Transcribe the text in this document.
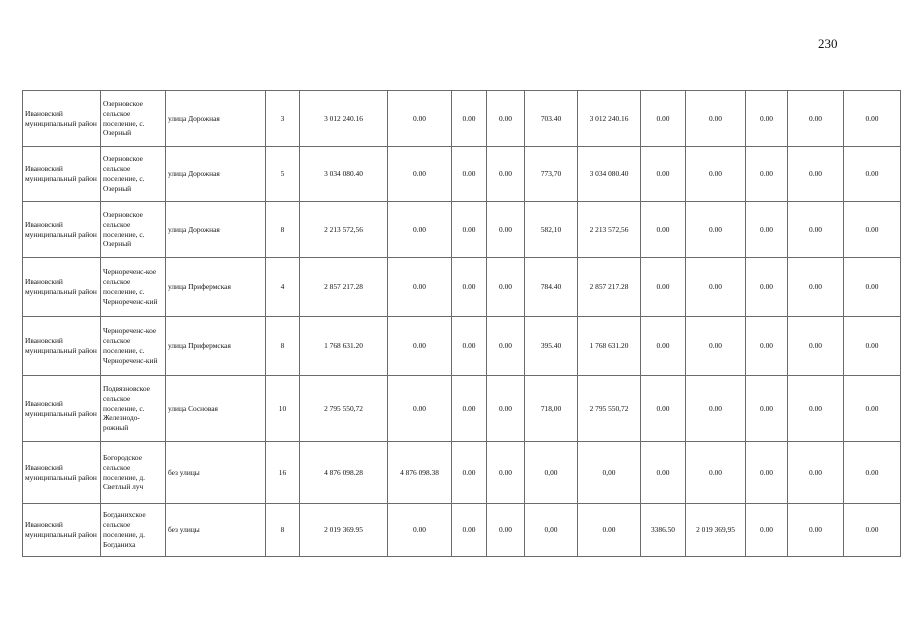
230
Ивановский муниципальный район	Озерновское сельское поселение, с. Озерный	улица Дорожная	3	3 012 240.16	0.00	0.00	0.00	703.40	3 012 240.16	0.00	0.00	0.00	0.00	0.00
Ивановский муниципальный район	Озерновское сельское поселение, с. Озерный	улица Дорожная	5	3 034 080.40	0.00	0.00	0.00	773,70	3 034 080.40	0.00	0.00	0.00	0.00	0.00
Ивановский муниципальный район	Озерновское сельское поселение, с. Озерный	улица Дорожная	8	2 213 572,56	0.00	0.00	0.00	582,10	2 213 572,56	0.00	0.00	0.00	0.00	0.00
Ивановский муниципальный район	Чернореченс-кое сельское поселение, с. Чернореченс-кий	улица Прифермская	4	2 857 217.28	0.00	0.00	0.00	784.40	2 857 217.28	0.00	0.00	0.00	0.00	0.00
Ивановский муниципальный район	Чернореченс-кое сельское поселение, с. Чернореченс-кий	улица Прифермская	8	1 768 631.20	0.00	0.00	0.00	395.40	1 768 631.20	0.00	0.00	0.00	0.00	0.00
Ивановский муниципальный район	Подвязновское сельское поселение, с. Железнодо-рожный	улица Сосновая	10	2 795 550,72	0.00	0.00	0.00	718,00	2 795 550,72	0.00	0.00	0.00	0.00	0.00
Ивановский муниципальный район	Богородское сельское поселение, д. Светлый луч	без улицы	16	4 876 098.28	4 876 098.38	0.00	0.00	0,00	0,00	0.00	0.00	0.00	0.00	0.00
Ивановский муниципальный район	Богданихское сельское поселение, д. Богданиха	без улицы	8	2 019 369.95	0.00	0.00	0.00	0,00	0.00	3386.50	2 019 369,95	0.00	0.00	0.00
